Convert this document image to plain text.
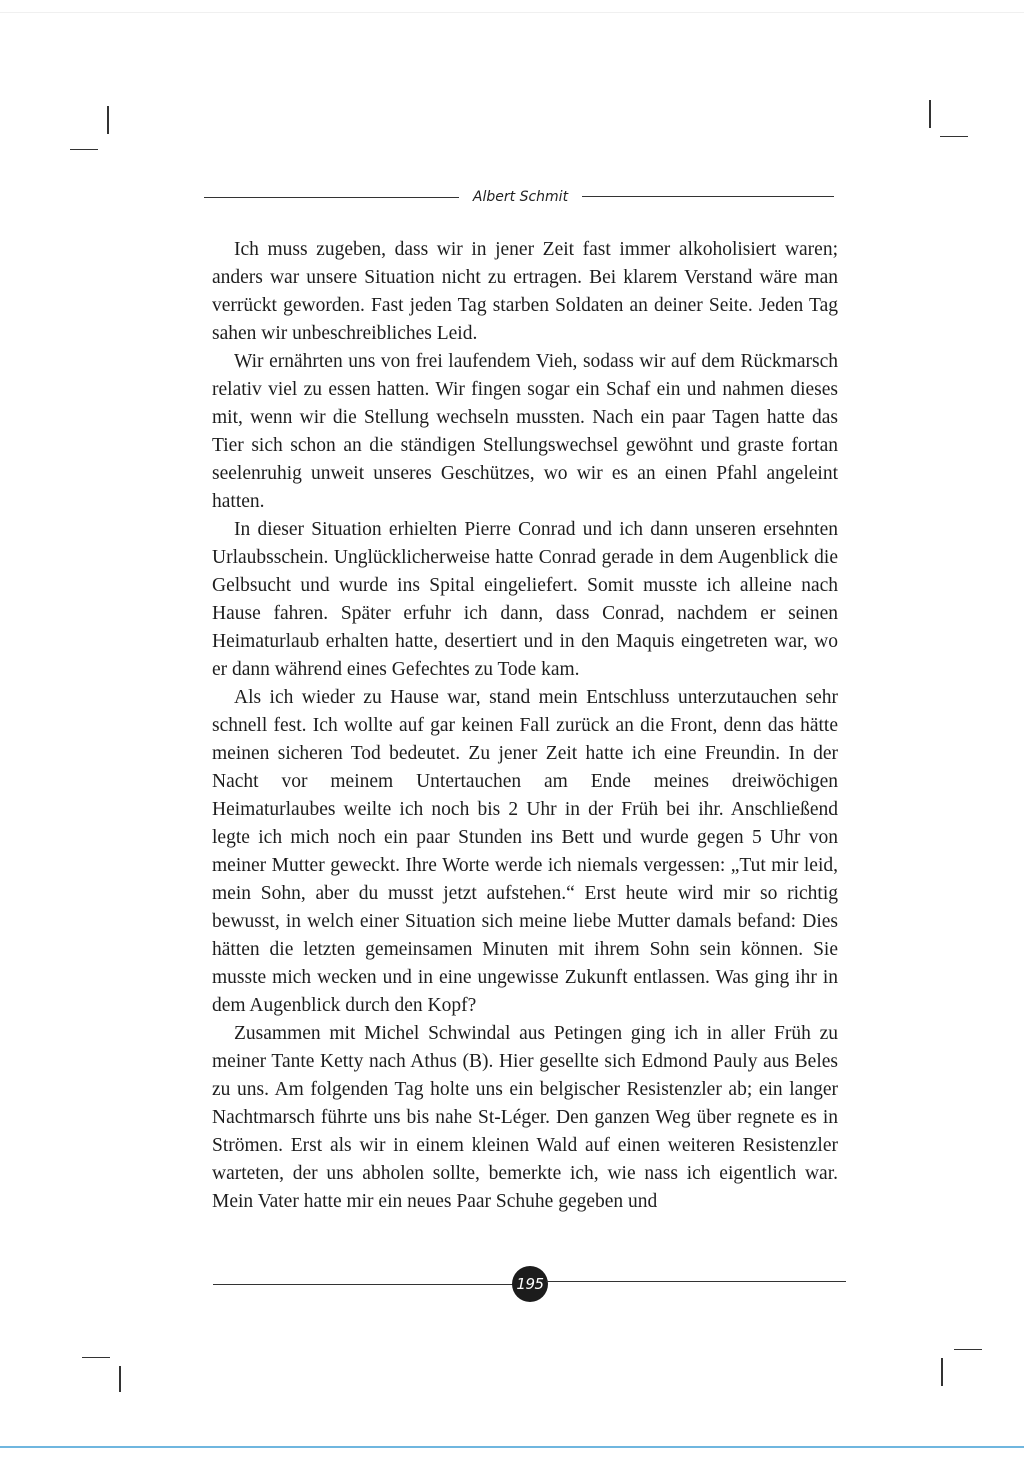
Albert Schmit

Ich muss zugeben, dass wir in jener Zeit fast immer alkoholisiert waren; anders war unsere Situation nicht zu ertragen. Bei klarem Verstand wäre man verrückt geworden. Fast jeden Tag starben Soldaten an deiner Seite. Jeden Tag sahen wir unbeschreibliches Leid.

Wir ernährten uns von frei laufendem Vieh, sodass wir auf dem Rückmarsch relativ viel zu essen hatten. Wir fingen sogar ein Schaf ein und nahmen dieses mit, wenn wir die Stellung wechseln mussten. Nach ein paar Tagen hatte das Tier sich schon an die ständigen Stellungswechsel gewöhnt und graste fortan seelenruhig unweit unseres Geschützes, wo wir es an einen Pfahl angeleint hatten.

In dieser Situation erhielten Pierre Conrad und ich dann unseren ersehnten Urlaubsschein. Unglücklicherweise hatte Conrad gerade in dem Augenblick die Gelbsucht und wurde ins Spital eingeliefert. Somit musste ich alleine nach Hause fahren. Später erfuhr ich dann, dass Conrad, nachdem er seinen Heimaturlaub erhalten hatte, desertiert und in den Maquis eingetreten war, wo er dann während eines Gefechtes zu Tode kam.

Als ich wieder zu Hause war, stand mein Entschluss unterzutauchen sehr schnell fest. Ich wollte auf gar keinen Fall zurück an die Front, denn das hätte meinen sicheren Tod bedeutet. Zu jener Zeit hatte ich eine Freundin. In der Nacht vor meinem Untertauchen am Ende meines dreiwöchigen Heimaturlaubes weilte ich noch bis 2 Uhr in der Früh bei ihr. Anschließend legte ich mich noch ein paar Stunden ins Bett und wurde gegen 5 Uhr von meiner Mutter geweckt. Ihre Worte werde ich niemals vergessen: „Tut mir leid, mein Sohn, aber du musst jetzt aufstehen.“ Erst heute wird mir so richtig bewusst, in welch einer Situation sich meine liebe Mutter damals befand: Dies hätten die letzten gemeinsamen Minuten mit ihrem Sohn sein können. Sie musste mich wecken und in eine ungewisse Zukunft entlassen. Was ging ihr in dem Augenblick durch den Kopf?

Zusammen mit Michel Schwindal aus Petingen ging ich in aller Früh zu meiner Tante Ketty nach Athus (B). Hier gesellte sich Edmond Pauly aus Beles zu uns. Am folgenden Tag holte uns ein belgischer Resistenzler ab; ein langer Nachtmarsch führte uns bis nahe St-Léger. Den ganzen Weg über regnete es in Strömen. Erst als wir in einem kleinen Wald auf einen weiteren Resistenzler warteten, der uns abholen sollte, bemerkte ich, wie nass ich eigentlich war. Mein Vater hatte mir ein neues Paar Schuhe gegeben und

195
